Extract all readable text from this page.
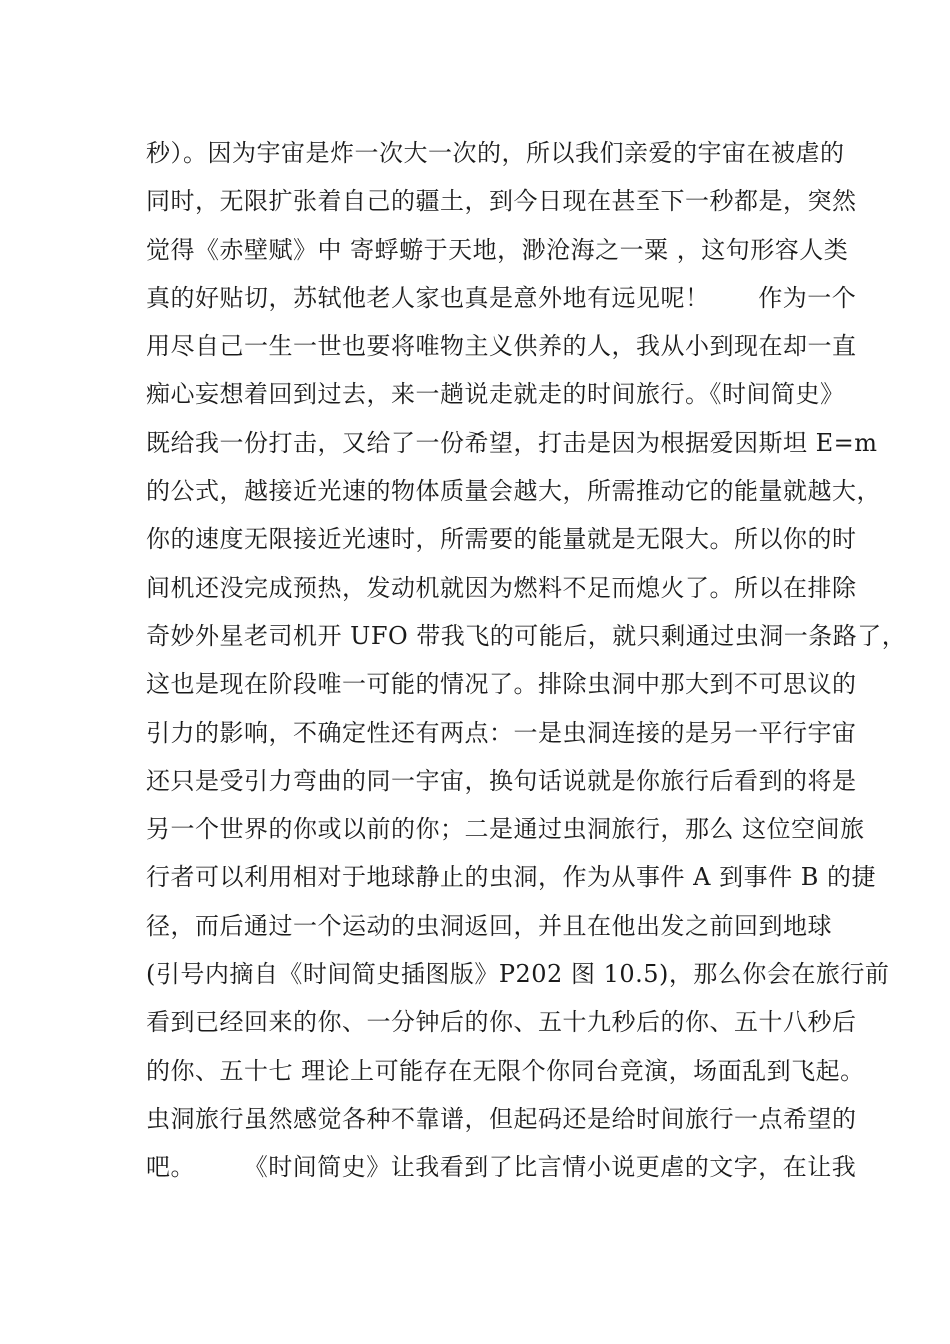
秒）。因为宇宙是炸一次大一次的，所以我们亲爱的宇宙在被虐的
同时，无限扩张着自己的疆土，到今日现在甚至下一秒都是，突然
觉得《赤壁赋》中 寄蜉蝣于天地，渺沧海之一粟 ，这句形容人类
真的好贴切，苏轼他老人家也真是意外地有远见呢！      作为一个
用尽自己一生一世也要将唯物主义供养的人，我从小到现在却一直
痴心妄想着回到过去，来一趟说走就走的时间旅行。《时间简史》
既给我一份打击，又给了一份希望，打击是因为根据爱因斯坦 E=m
的公式，越接近光速的物体质量会越大，所需推动它的能量就越大，
你的速度无限接近光速时，所需要的能量就是无限大。所以你的时
间机还没完成预热，发动机就因为燃料不足而熄火了。所以在排除
奇妙外星老司机开 UFO 带我飞的可能后，就只剩通过虫洞一条路了，
这也是现在阶段唯一可能的情况了。排除虫洞中那大到不可思议的
引力的影响，不确定性还有两点：一是虫洞连接的是另一平行宇宙
还只是受引力弯曲的同一宇宙，换句话说就是你旅行后看到的将是
另一个世界的你或以前的你；二是通过虫洞旅行，那么 这位空间旅
行者可以利用相对于地球静止的虫洞，作为从事件 A 到事件 B 的捷
径，而后通过一个运动的虫洞返回，并且在他出发之前回到地球
(引号内摘自《时间简史插图版》P202 图 10.5)，那么你会在旅行前
看到已经回来的你、一分钟后的你、五十九秒后的你、五十八秒后
的你、五十七 理论上可能存在无限个你同台竞演，场面乱到飞起。
虫洞旅行虽然感觉各种不靠谱，但起码还是给时间旅行一点希望的
吧。      《时间简史》让我看到了比言情小说更虐的文字，在让我
